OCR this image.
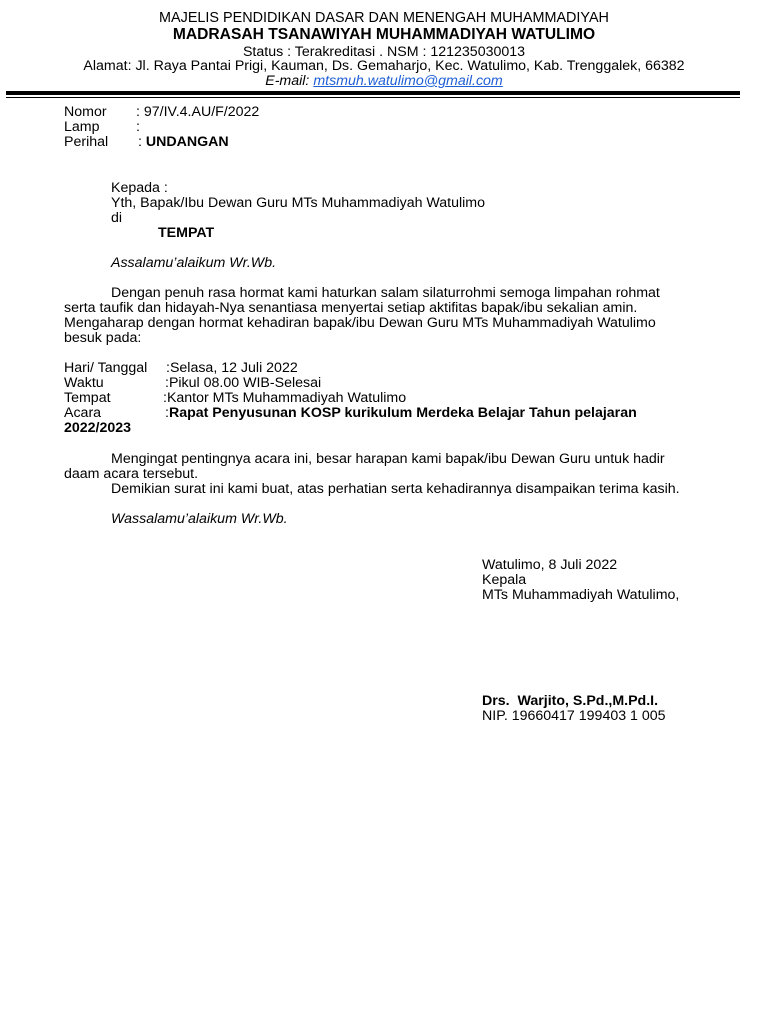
MAJELIS PENDIDIKAN DASAR DAN MENENGAH MUHAMMADIYAH
MADRASAH TSANAWIYAH MUHAMMADIYAH WATULIMO
Status : Terakreditasi . NSM : 121235030013
Alamat: Jl. Raya Pantai Prigi, Kauman, Ds. Gemaharjo, Kec. Watulimo, Kab. Trenggalek, 66382
E-mail: mtsmuh.watulimo@gmail.com
Nomor : 97/IV.4.AU/F/2022
Lamp	:
Perihal : UNDANGAN
Kepada :
Yth, Bapak/Ibu Dewan Guru MTs Muhammadiyah Watulimo
di
TEMPAT
Assalamu’alaikum Wr.Wb.
Dengan penuh rasa hormat kami haturkan salam silaturrohmi semoga limpahan rohmat
serta taufik dan hidayah-Nya senantiasa menyertai setiap aktifitas bapak/ibu sekalian amin.
Mengaharap dengan hormat kehadiran bapak/ibu Dewan Guru MTs Muhammadiyah Watulimo
besuk pada:
Hari/ Tanggal :Selasa, 12 Juli 2022
Waktu	:Pikul 08.00 WIB-Selesai
Tempat	:Kantor MTs Muhammadiyah Watulimo
Acara	:Rapat Penyusunan KOSP kurikulum Merdeka Belajar Tahun pelajaran
2022/2023
Mengingat pentingnya acara ini, besar harapan kami bapak/ibu Dewan Guru untuk hadir
daam acara tersebut.
Demikian surat ini kami buat, atas perhatian serta kehadirannya disampaikan terima kasih.
Wassalamu’alaikum Wr.Wb.
Watulimo, 8 Juli 2022
Kepala
MTs Muhammadiyah Watulimo,
Drs.  Warjito, S.Pd.,M.Pd.I.
NIP. 19660417 199403 1 005
